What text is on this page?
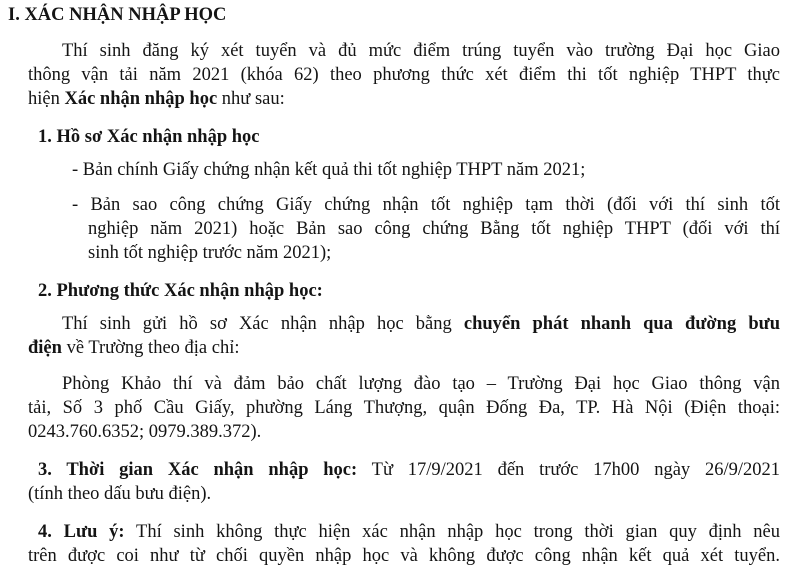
I. XÁC NHẬN NHẬP HỌC
Thí sinh đăng ký xét tuyển và đủ mức điểm trúng tuyển vào trường Đại học Giao
thông vận tải năm 2021 (khóa 62) theo phương thức xét điểm thi tốt nghiệp THPT thực
hiện Xác nhận nhập học như sau:
1. Hồ sơ Xác nhận nhập học
- Bản chính Giấy chứng nhận kết quả thi tốt nghiệp THPT năm 2021;
- Bản sao công chứng Giấy chứng nhận tốt nghiệp tạm thời (đối với thí sinh tốt
nghiệp năm 2021) hoặc Bản sao công chứng Bằng tốt nghiệp THPT (đối với thí
sinh tốt nghiệp trước năm 2021);
2. Phương thức Xác nhận nhập học:
Thí sinh gửi hồ sơ Xác nhận nhập học bằng chuyển phát nhanh qua đường bưu
điện về Trường theo địa chỉ:
Phòng Khảo thí và đảm bảo chất lượng đào tạo – Trường Đại học Giao thông vận
tải, Số 3 phố Cầu Giấy, phường Láng Thượng, quận Đống Đa, TP. Hà Nội (Điện thoại:
0243.760.6352; 0979.389.372).
3. Thời gian Xác nhận nhập học: Từ 17/9/2021 đến trước 17h00 ngày 26/9/2021
(tính theo dấu bưu điện).
4. Lưu ý: Thí sinh không thực hiện xác nhận nhập học trong thời gian quy định nêu
trên được coi như từ chối quyền nhập học và không được công nhận kết quả xét tuyển.
